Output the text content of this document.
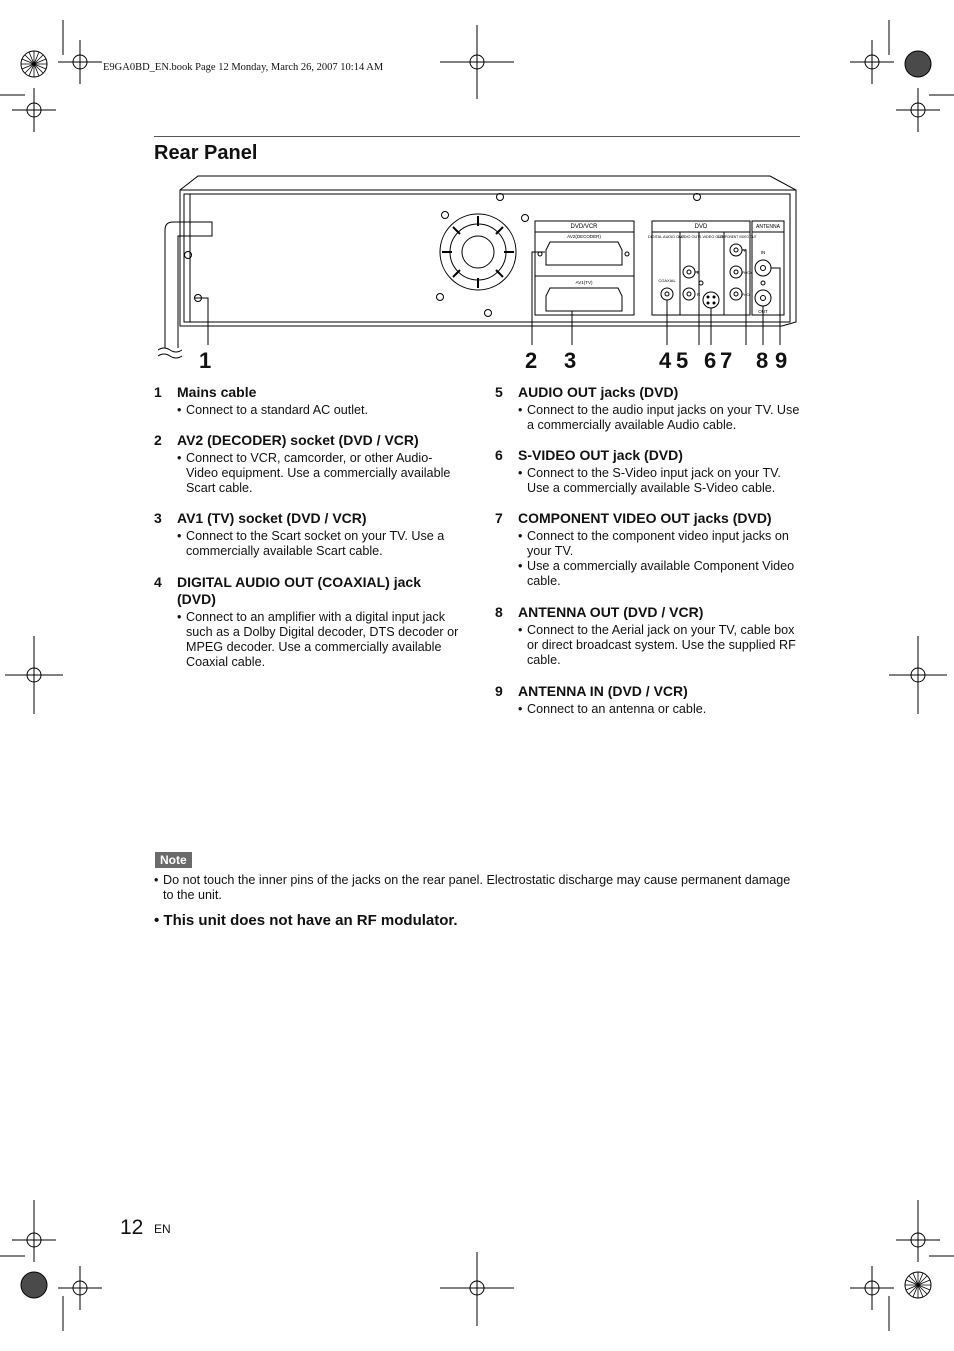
E9GA0BD_EN.book Page 12 Monday, March 26, 2007 10:14 AM
Rear Panel
DVD/VCR
AV2(DECODER)
AV1(TV)
DVD
DIGITAL AUDIO OUT
AUDIO OUT S-VIDEO OUT
COMPONENT VIDEO OUT
COAXIAL
ANTENNA
IN
OUT
L
R
Y
Pb/Cb
Pr/Cr
1	2 3	4 5 6 7 8 9
1 Mains cable
• Connect to a standard AC outlet.
2 AV2 (DECODER) socket (DVD / VCR)
• Connect to VCR, camcorder, or other Audio-Video equipment. Use a commercially available Scart cable.
3 AV1 (TV) socket (DVD / VCR)
• Connect to the Scart socket on your TV. Use a commercially available Scart cable.
4 DIGITAL AUDIO OUT (COAXIAL) jack (DVD)
• Connect to an amplifier with a digital input jack such as a Dolby Digital decoder, DTS decoder or MPEG decoder. Use a commercially available Coaxial cable.
5 AUDIO OUT jacks (DVD)
• Connect to the audio input jacks on your TV. Use a commercially available Audio cable.
6 S-VIDEO OUT jack (DVD)
• Connect to the S-Video input jack on your TV. Use a commercially available S-Video cable.
7 COMPONENT VIDEO OUT jacks (DVD)
• Connect to the component video input jacks on your TV.
• Use a commercially available Component Video cable.
8 ANTENNA OUT (DVD / VCR)
• Connect to the Aerial jack on your TV, cable box or direct broadcast system. Use the supplied RF cable.
9 ANTENNA IN (DVD / VCR)
• Connect to an antenna or cable.
Note
• Do not touch the inner pins of the jacks on the rear panel. Electrostatic discharge may cause permanent damage to the unit.
• This unit does not have an RF modulator.
12 EN
